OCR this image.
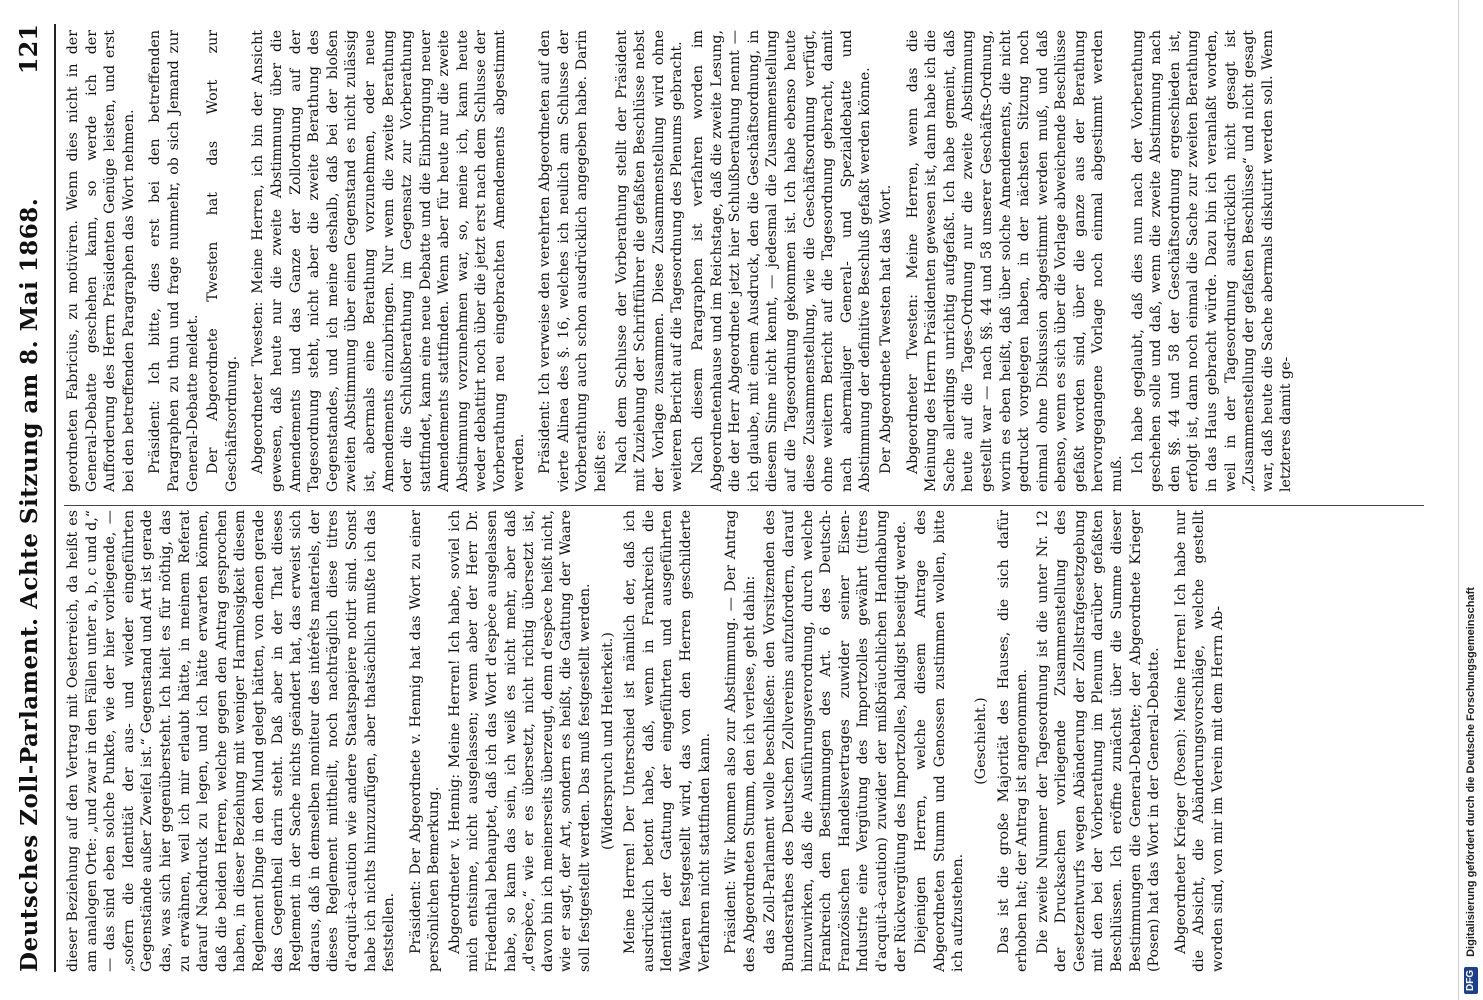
Deutsches Zoll-Parlament. Achte Sitzung am 8. Mai 1868.
121

dieser Beziehung auf den Vertrag mit Oesterreich, da heißt es am analogen Orte: „und zwar in den Fällen unter a, b, c und d,“ — das sind eben solche Punkte, wie der hier vorliegende, — „sofern die Identität der aus- und wieder eingeführten Gegenstände außer Zweifel ist.“ Gegenstand und Art ist gerade das, was sich hier gegenübersteht. Ich hielt es für nöthig, das zu erwähnen, weil ich mir erlaubt hätte, in meinem Referat darauf Nachdruck zu legen, und ich hätte erwarten können, daß die beiden Herren, welche gegen den Antrag gesprochen haben, in dieser Beziehung mit weniger Harmlosigkeit diesem Reglement Dinge in den Mund gelegt hätten, von denen gerade das Gegentheil darin steht. Daß aber in der That dieses Reglement in der Sache nichts geändert hat, das erweist sich daraus, daß in demselben moniteur des intérêts materiels, der dieses Reglement mittheilt, noch nachträglich diese titres d'acquit-à-caution wie andere Staatspapiere notirt sind. Sonst habe ich nichts hinzuzufügen, aber thatsächlich mußte ich das feststellen. Präsident: Der Abgeordnete v. Hennig hat das Wort zu einer persönlichen Bemerkung. Abgeordneter v. Hennig: Meine Herren! Ich habe, soviel ich mich entsinne, nicht ausgelassen; wenn aber der Herr Dr. Friedenthal behauptet, daß ich das Wort d'espèce ausgelassen habe, so kann das sein, ich weiß es nicht mehr, aber daß „d'espèce,“ wie er es übersetzt, nicht richtig übersetzt ist, davon bin ich meinerseits überzeugt, denn d'espèce heißt nicht, wie er sagt, der Art, sondern es heißt, die Gattung der Waare soll festgestellt werden. Das muß festgestellt werden. (Widerspruch und Heiterkeit.) Meine Herren! Der Unterschied ist nämlich der, daß ich ausdrücklich betont habe, daß, wenn in Frankreich die Identität der Gattung der eingeführten und ausgeführten Waaren festgestellt wird, das von den Herren geschilderte Verfahren nicht stattfinden kann. Präsident: Wir kommen also zur Abstimmung. — Der Antrag des Abgeordneten Stumm, den ich verlese, geht dahin: das Zoll-Parlament wolle beschließen: den Vorsitzenden des Bundesrathes des Deutschen Zollvereins aufzufordern, darauf hinzuwirken, daß die Ausführungsverordnung, durch welche Frankreich den Bestimmungen des Art. 6 des Deutsch-Französischen Handelsvertrages zuwider seiner Eisen-Industrie eine Vergütung des Importzolles gewährt (titres d'acquit-à-caution) zuwider der mißbräuchlichen Handhabung der Rückvergütung des Importzolles, baldigst beseitigt werde. Diejenigen Herren, welche diesem Antrage des Abgeordneten Stumm und Genossen zustimmen wollen, bitte ich aufzustehen.

(Geschieht.) Das ist die große Majorität des Hauses, die sich dafür erhoben hat; der Antrag ist angenommen. Die zweite Nummer der Tagesordnung ist die unter Nr. 12 der Drucksachen vorliegende Zusammenstellung des Gesetzentwurfs wegen Abänderung der Zollstrafgesetzgebung mit den bei der Vorberathung im Plenum darüber gefaßten Beschlüssen. Ich eröffne zunächst über die Summe dieser Bestimmungen die General-Debatte; der Abgeordnete Krieger (Posen) hat das Wort in der General-Debatte. Abgeordneter Krieger (Posen): Meine Herren! Ich habe nur die Absicht, die Abänderungsvorschläge, welche gestellt worden sind, von mir im Verein mit dem Herrn Ab-

geordneten Fabricius, zu motiviren. Wenn dies nicht in der General-Debatte geschehen kann, so werde ich der Aufforderung des Herrn Präsidenten Genüge leisten, und erst bei den betreffenden Paragraphen das Wort nehmen. Präsident: Ich bitte, dies erst bei den betreffenden Paragraphen zu thun und frage nunmehr, ob sich Jemand zur General-Debatte meldet. Der Abgeordnete Twesten hat das Wort zur Geschäftsordnung. Abgeordneter Twesten: Meine Herren, ich bin der Ansicht gewesen, daß heute nur die zweite Abstimmung über die Amendements und das Ganze der Zollordnung auf der Tagesordnung steht, nicht aber die zweite Berathung des Gegenstandes, und ich meine deshalb, daß bei der bloßen zweiten Abstimmung über einen Gegenstand es nicht zulässig ist, abermals eine Berathung vorzunehmen, oder neue Amendements einzubringen. Nur wenn die zweite Berathung oder die Schlußberathung im Gegensatz zur Vorberathung stattfindet, kann eine neue Debatte und die Einbringung neuer Amendements stattfinden. Wenn aber für heute nur die zweite Abstimmung vorzunehmen war, so, meine ich, kann heute weder debattirt noch über die jetzt erst nach dem Schlusse der Vorberathung neu eingebrachten Amendements abgestimmt werden. Präsident: Ich verweise den verehrten Abgeordneten auf den vierte Alinea des §. 16, welches ich neulich am Schlusse der Vorberathung auch schon ausdrücklich angegeben habe. Darin heißt es: Nach dem Schlusse der Vorberathung stellt der Präsident mit Zuziehung der Schriftführer die gefaßten Beschlüsse nebst der Vorlage zusammen. Diese Zusammenstellung wird ohne weiteren Bericht auf die Tagesordnung des Plenums gebracht. Nach diesem Paragraphen ist verfahren worden im Abgeordnetenhause und im Reichstage, daß die zweite Lesung, die der Herr Abgeordnete jetzt hier Schlußberathung nennt — ich glaube, mit einem Ausdruck, den die Geschäftsordnung, in diesem Sinne nicht kennt, — jedesmal die Zusammenstellung auf die Tagesordnung gekommen ist. Ich habe ebenso heute diese Zusammenstellung, wie die Geschäftsordnung verfügt, ohne weitern Bericht auf die Tagesordnung gebracht, damit nach abermaliger General- und Spezialdebatte und Abstimmung der definitive Beschluß gefaßt werden könne. Der Abgeordnete Twesten hat das Wort. Abgeordneter Twesten: Meine Herren, wenn das die Meinung des Herrn Präsidenten gewesen ist, dann habe ich die Sache allerdings unrichtig aufgefaßt. Ich habe gemeint, daß heute auf die Tages-Ordnung nur die zweite Abstimmung gestellt war — nach §§. 44 und 58 unserer Geschäfts-Ordnung, worin es eben heißt, daß über solche Amendements, die nicht gedruckt vorgelegen haben, in der nächsten Sitzung noch einmal ohne Diskussion abgestimmt werden muß, und daß ebenso, wenn es sich über die Vorlage abweichende Beschlüsse gefaßt worden sind, über die ganze aus der Berathung hervorgegangene Vorlage noch einmal abgestimmt werden muß. Ich habe geglaubt, daß dies nun nach der Vorberathung geschehen solle und daß, wenn die zweite Abstimmung nach den §§. 44 und 58 der Geschäftsordnung ergeschieden ist, erfolgt ist, dann noch einmal die Sache zur zweiten Berathung in das Haus gebracht würde. Dazu bin ich veranlaßt worden, weil in der Tagesordnung ausdrücklich nicht gesagt ist „Zusammenstellung der gefaßten Beschlüsse“ und nicht gesagt war, daß heute die Sache abermals diskutirt werden soll. Wenn letzteres damit ge-

DFG
Digitalisierung gefördert durch die Deutsche Forschungsgemeinschaft
